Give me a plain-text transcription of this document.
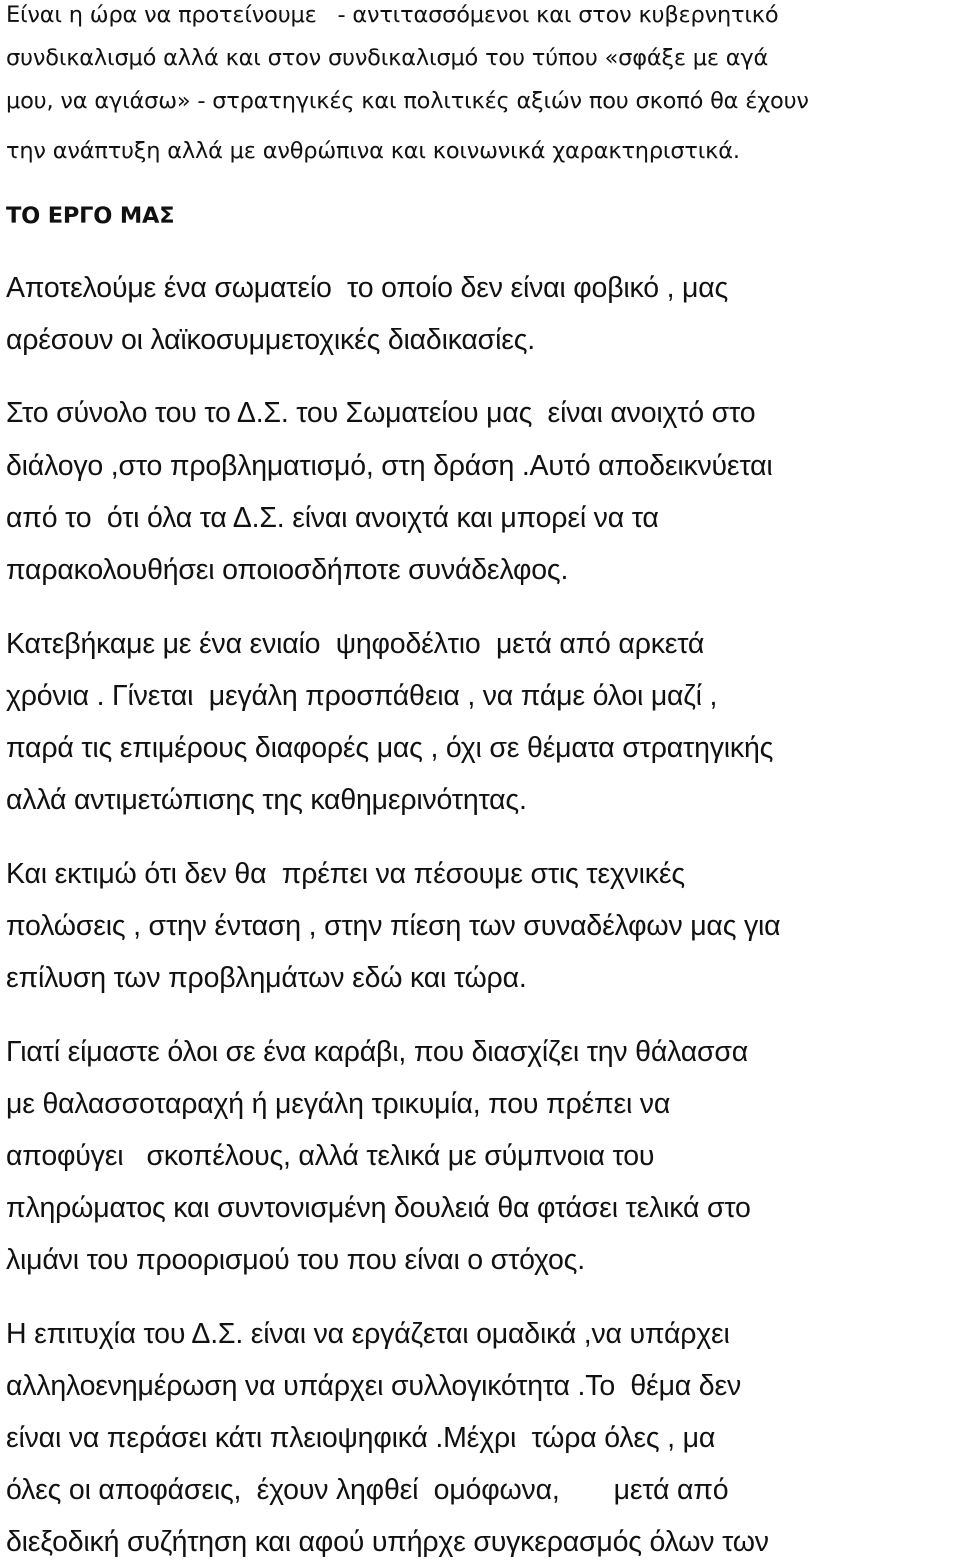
Είναι η ώρα να προτείνουμε   - αντιτασσόμενοι και στον κυβερνητικό

συνδικαλισμό αλλά και στον συνδικαλισμό του τύπου «σφάξε με αγά

μου, να αγιάσω» - στρατηγικές και πολιτικές αξιών που σκοπό θα έχουν

την ανάπτυξη αλλά με ανθρώπινα και κοινωνικά χαρακτηριστικά.

ΤΟ ΕΡΓΟ ΜΑΣ

Αποτελούμε ένα σωματείο  το οποίο δεν είναι φοβικό , μας

αρέσουν οι λαϊκοσυμμετοχικές διαδικασίες.

Στο σύνολο του το Δ.Σ. του Σωματείου μας  είναι ανοιχτό στο

διάλογο ,στο προβληματισμό, στη δράση .Αυτό αποδεικνύεται

από το  ότι όλα τα Δ.Σ. είναι ανοιχτά και μπορεί να τα

παρακολουθήσει οποιοσδήποτε συνάδελφος.

Κατεβήκαμε με ένα ενιαίο  ψηφοδέλτιο  μετά από αρκετά

χρόνια . Γίνεται  μεγάλη προσπάθεια , να πάμε όλοι μαζί ,

παρά τις επιμέρους διαφορές μας , όχι σε θέματα στρατηγικής

αλλά αντιμετώπισης της καθημερινότητας.

Και εκτιμώ ότι δεν θα  πρέπει να πέσουμε στις τεχνικές

πολώσεις , στην ένταση , στην πίεση των συναδέλφων μας για

επίλυση των προβλημάτων εδώ και τώρα.

Γιατί είμαστε όλοι σε ένα καράβι, που διασχίζει την θάλασσα

με θαλασσοταραχή ή μεγάλη τρικυμία, που πρέπει να

αποφύγει   σκοπέλους, αλλά τελικά με σύμπνοια του

πληρώματος και συντονισμένη δουλειά θα φτάσει τελικά στο

λιμάνι του προορισμού του που είναι ο στόχος.

Η επιτυχία του Δ.Σ. είναι να εργάζεται ομαδικά ,να υπάρχει

αλληλοενημέρωση να υπάρχει συλλογικότητα .Το  θέμα δεν

είναι να περάσει κάτι πλειοψηφικά .Μέχρι  τώρα όλες , μα

όλες οι αποφάσεις,  έχουν ληφθεί  ομόφωνα,       μετά από

διεξοδική συζήτηση και αφού υπήρχε συγκερασμός όλων των
